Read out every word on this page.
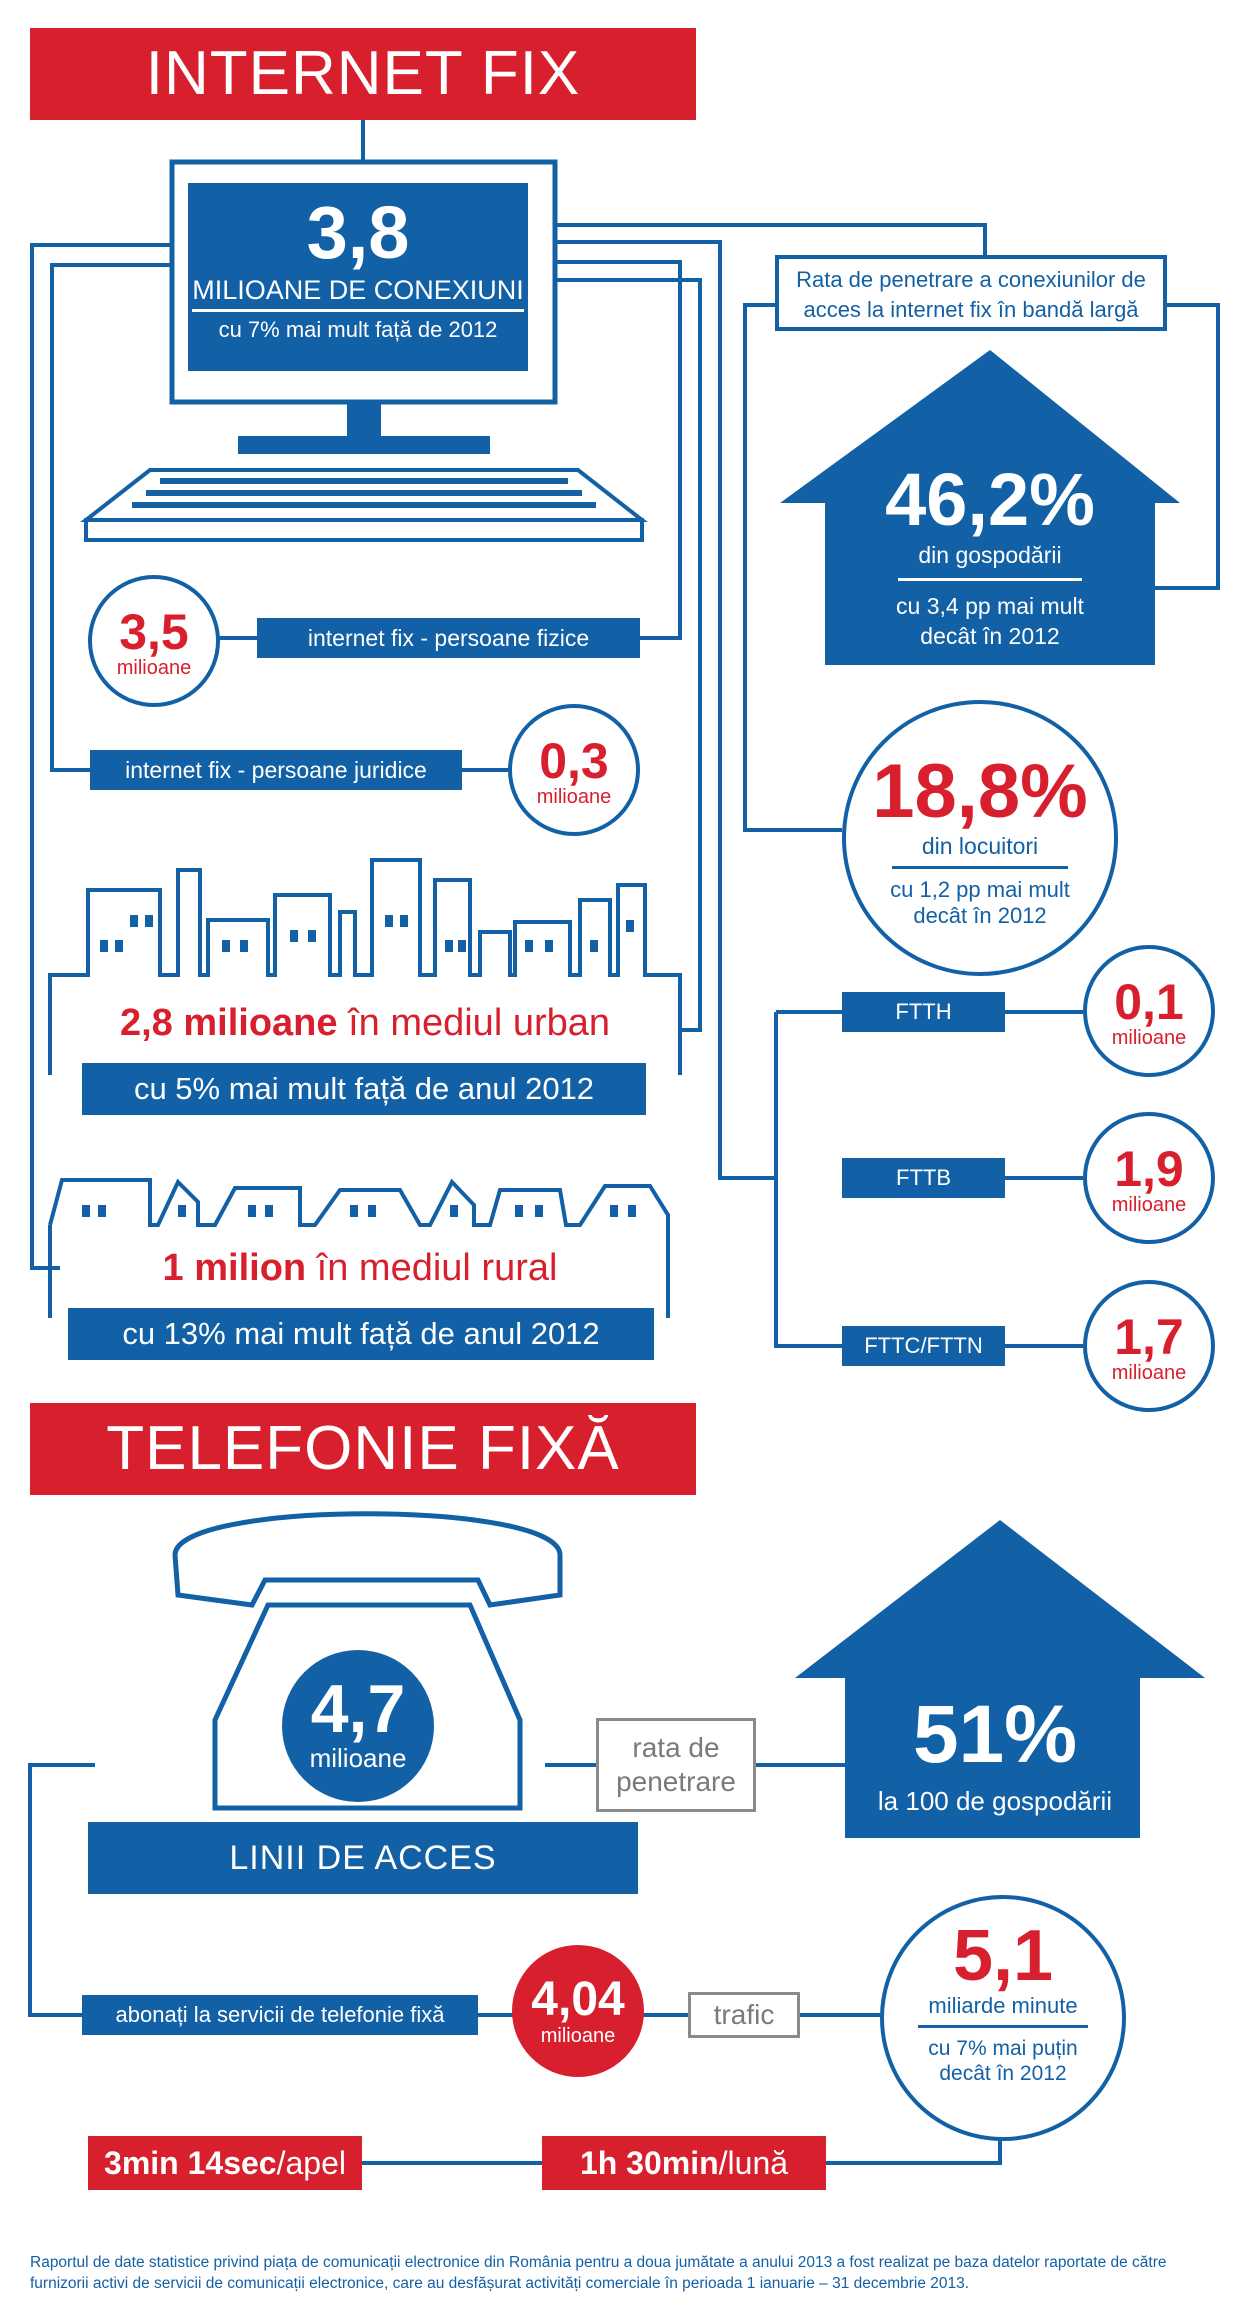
INTERNET FIX
3,8
MILIOANE DE CONEXIUNI
cu 7% mai mult față de 2012
3,5
milioane
internet fix - persoane fizice
internet fix - persoane juridice	0,3
milioane
2,8 milioane în mediul urban
cu 5% mai mult față de anul 2012
1 milion în mediul rural
cu 13% mai mult față de anul 2012
Rata de penetrare a conexiunilor de acces la internet fix în bandă largă
46,2%
din gospodării
cu 3,4 pp mai mult decât în 2012
18,8%
din locuitori
cu 1,2 pp mai mult decât în 2012
FTTH	0,1
milioane
FTTB	1,9
milioane
FTTC/FTTN	1,7
milioane
TELEFONIE FIXĂ
4,7
milioane
LINII DE ACCES
rata de penetrare
51%
la 100 de gospodării
abonați la servicii de telefonie fixă	4,04
milioane
trafic
5,1
miliarde minute
cu 7% mai puțin decât în 2012
3min 14sec/apel	1h 30min/lună
Raportul de date statistice privind piața de comunicații electronice din România pentru a doua jumătate a anului 2013 a fost realizat pe baza datelor raportate de către furnizorii activi de servicii de comunicații electronice, care au desfășurat activități comerciale în perioada 1 ianuarie – 31 decembrie 2013.
